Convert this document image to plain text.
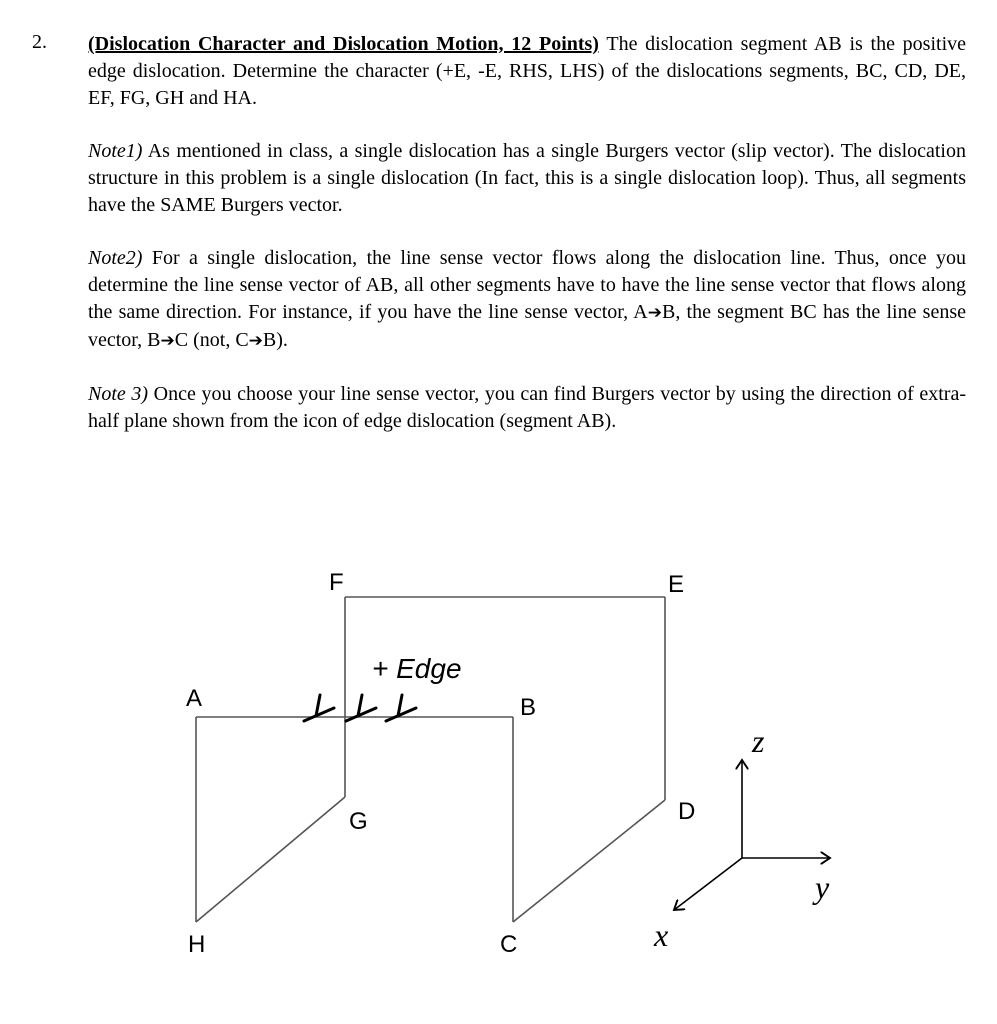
2. (Dislocation Character and Dislocation Motion, 12 Points) The dislocation segment AB is the positive edge dislocation. Determine the character (+E, -E, RHS, LHS) of the dislocations segments, BC, CD, DE, EF, FG, GH and HA.
Note1) As mentioned in class, a single dislocation has a single Burgers vector (slip vector). The dislocation structure in this problem is a single dislocation (In fact, this is a single dislocation loop). Thus, all segments have the SAME Burgers vector.
Note2) For a single dislocation, the line sense vector flows along the dislocation line. Thus, once you determine the line sense vector of AB, all other segments have to have the line sense vector that flows along the same direction. For instance, if you have the line sense vector, A➔B, the segment BC has the line sense vector, B➔C (not, C➔B).
Note 3) Once you choose your line sense vector, you can find Burgers vector by using the direction of extra-half plane shown from the icon of edge dislocation (segment AB).
+ Edge
A	B
C
D
E
F
G
H
z
y
x
